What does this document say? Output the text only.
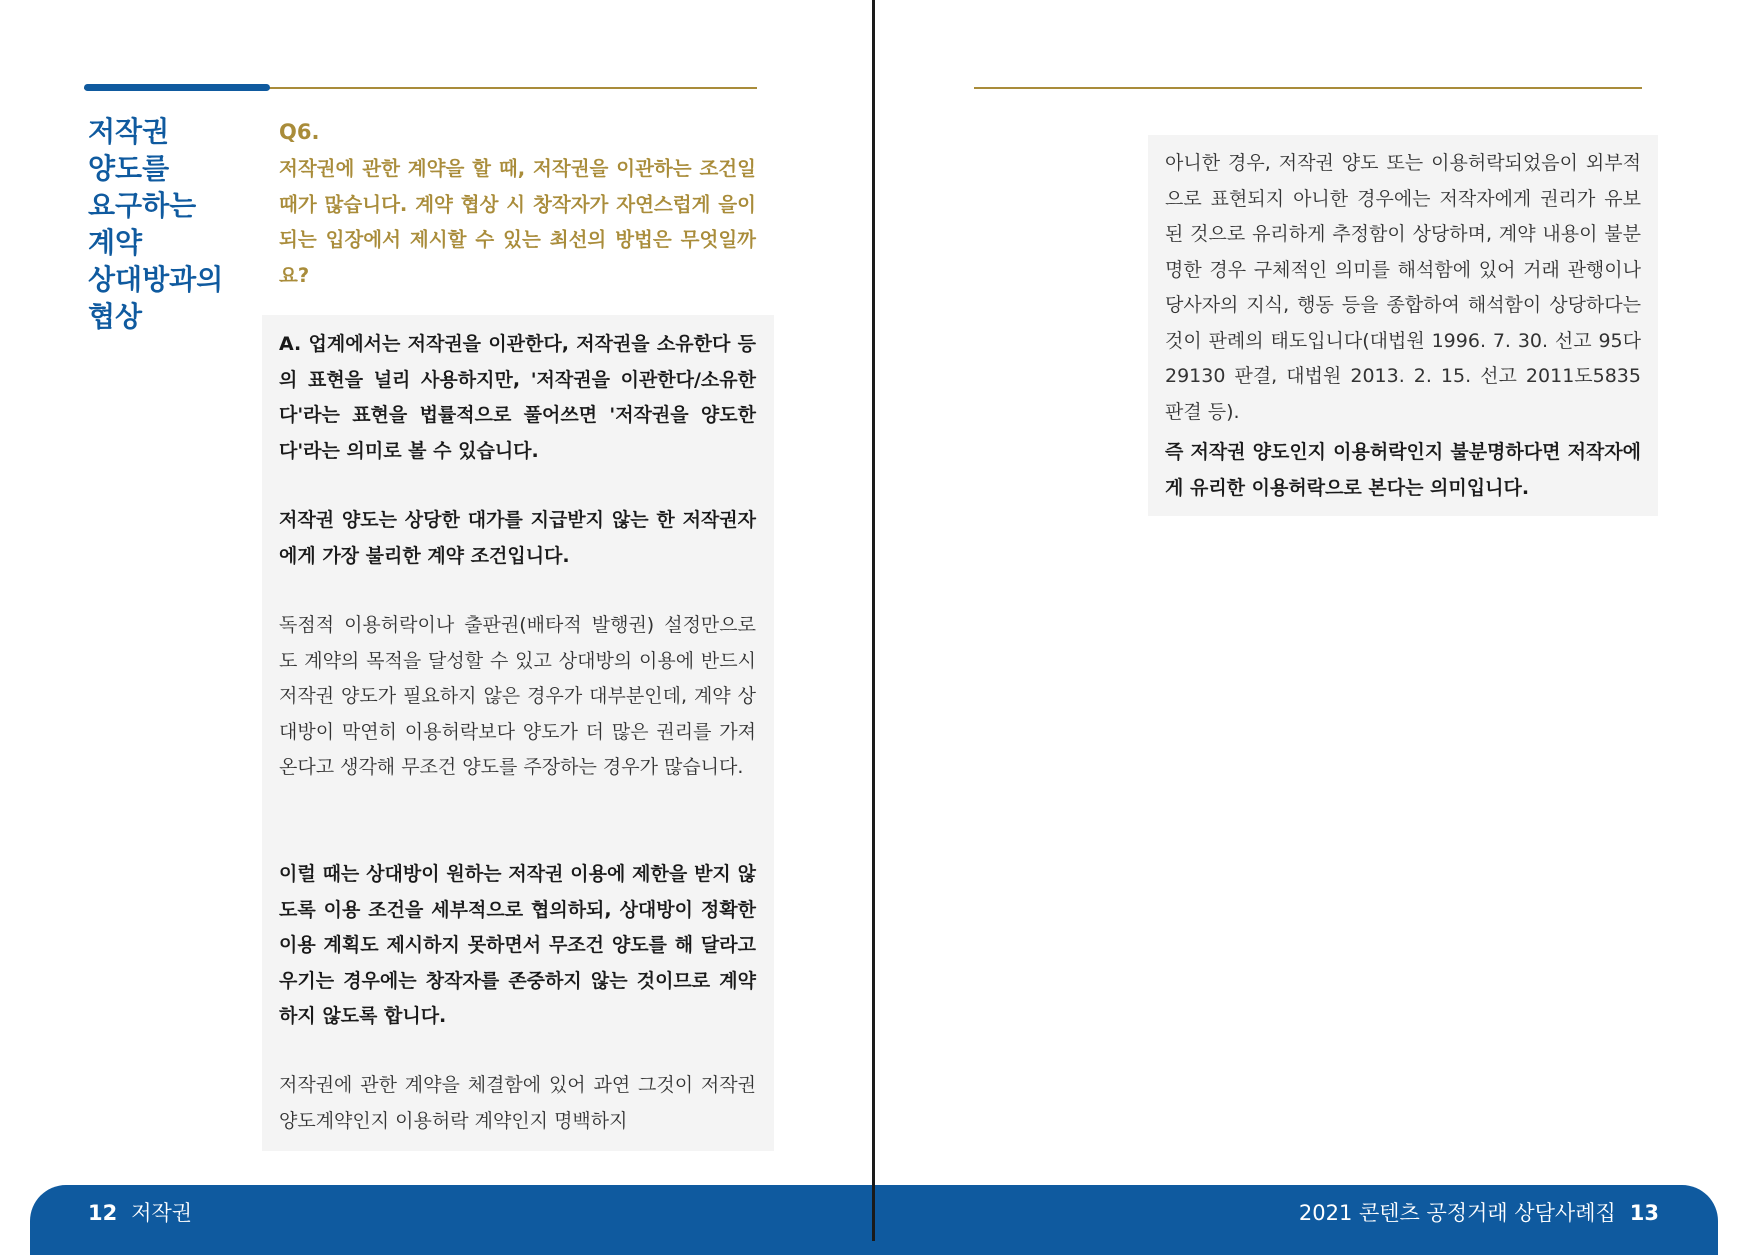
저작권
양도를
요구하는
계약
상대방과의
협상
Q6.
저작권에 관한 계약을 할 때, 저작권을 이관하는 조건일 때가 많습니다. 계약 협상 시 창작자가 자연스럽게 을이 되는 입장에서 제시할 수 있는 최선의 방법은 무엇일까요?
A. 업계에서는 저작권을 이관한다, 저작권을 소유한다 등의 표현을 널리 사용하지만, '저작권을 이관한다/소유한다'라는 표현을 법률적으로 풀어쓰면 '저작권을 양도한다'라는 의미로 볼 수 있습니다.
저작권 양도는 상당한 대가를 지급받지 않는 한 저작권자에게 가장 불리한 계약 조건입니다.
독점적 이용허락이나 출판권(배타적 발행권) 설정만으로도 계약의 목적을 달성할 수 있고 상대방의 이용에 반드시 저작권 양도가 필요하지 않은 경우가 대부분인데, 계약 상대방이 막연히 이용허락보다 양도가 더 많은 권리를 가져온다고 생각해 무조건 양도를 주장하는 경우가 많습니다.
이럴 때는 상대방이 원하는 저작권 이용에 제한을 받지 않도록 이용 조건을 세부적으로 협의하되, 상대방이 정확한 이용 계획도 제시하지 못하면서 무조건 양도를 해 달라고 우기는 경우에는 창작자를 존중하지 않는 것이므로 계약하지 않도록 합니다.
저작권에 관한 계약을 체결함에 있어 과연 그것이 저작권 양도계약인지 이용허락 계약인지 명백하지
아니한 경우, 저작권 양도 또는 이용허락되었음이 외부적으로 표현되지 아니한 경우에는 저작자에게 권리가 유보된 것으로 유리하게 추정함이 상당하며, 계약 내용이 불분명한 경우 구체적인 의미를 해석함에 있어 거래 관행이나 당사자의 지식, 행동 등을 종합하여 해석함이 상당하다는 것이 판례의 태도입니다(대법원 1996. 7. 30. 선고 95다29130 판결, 대법원 2013. 2. 15. 선고 2011도5835 판결 등).
즉 저작권 양도인지 이용허락인지 불분명하다면 저작자에게 유리한 이용허락으로 본다는 의미입니다.
12 저작권	2021 콘텐츠 공정거래 상담사례집 13
